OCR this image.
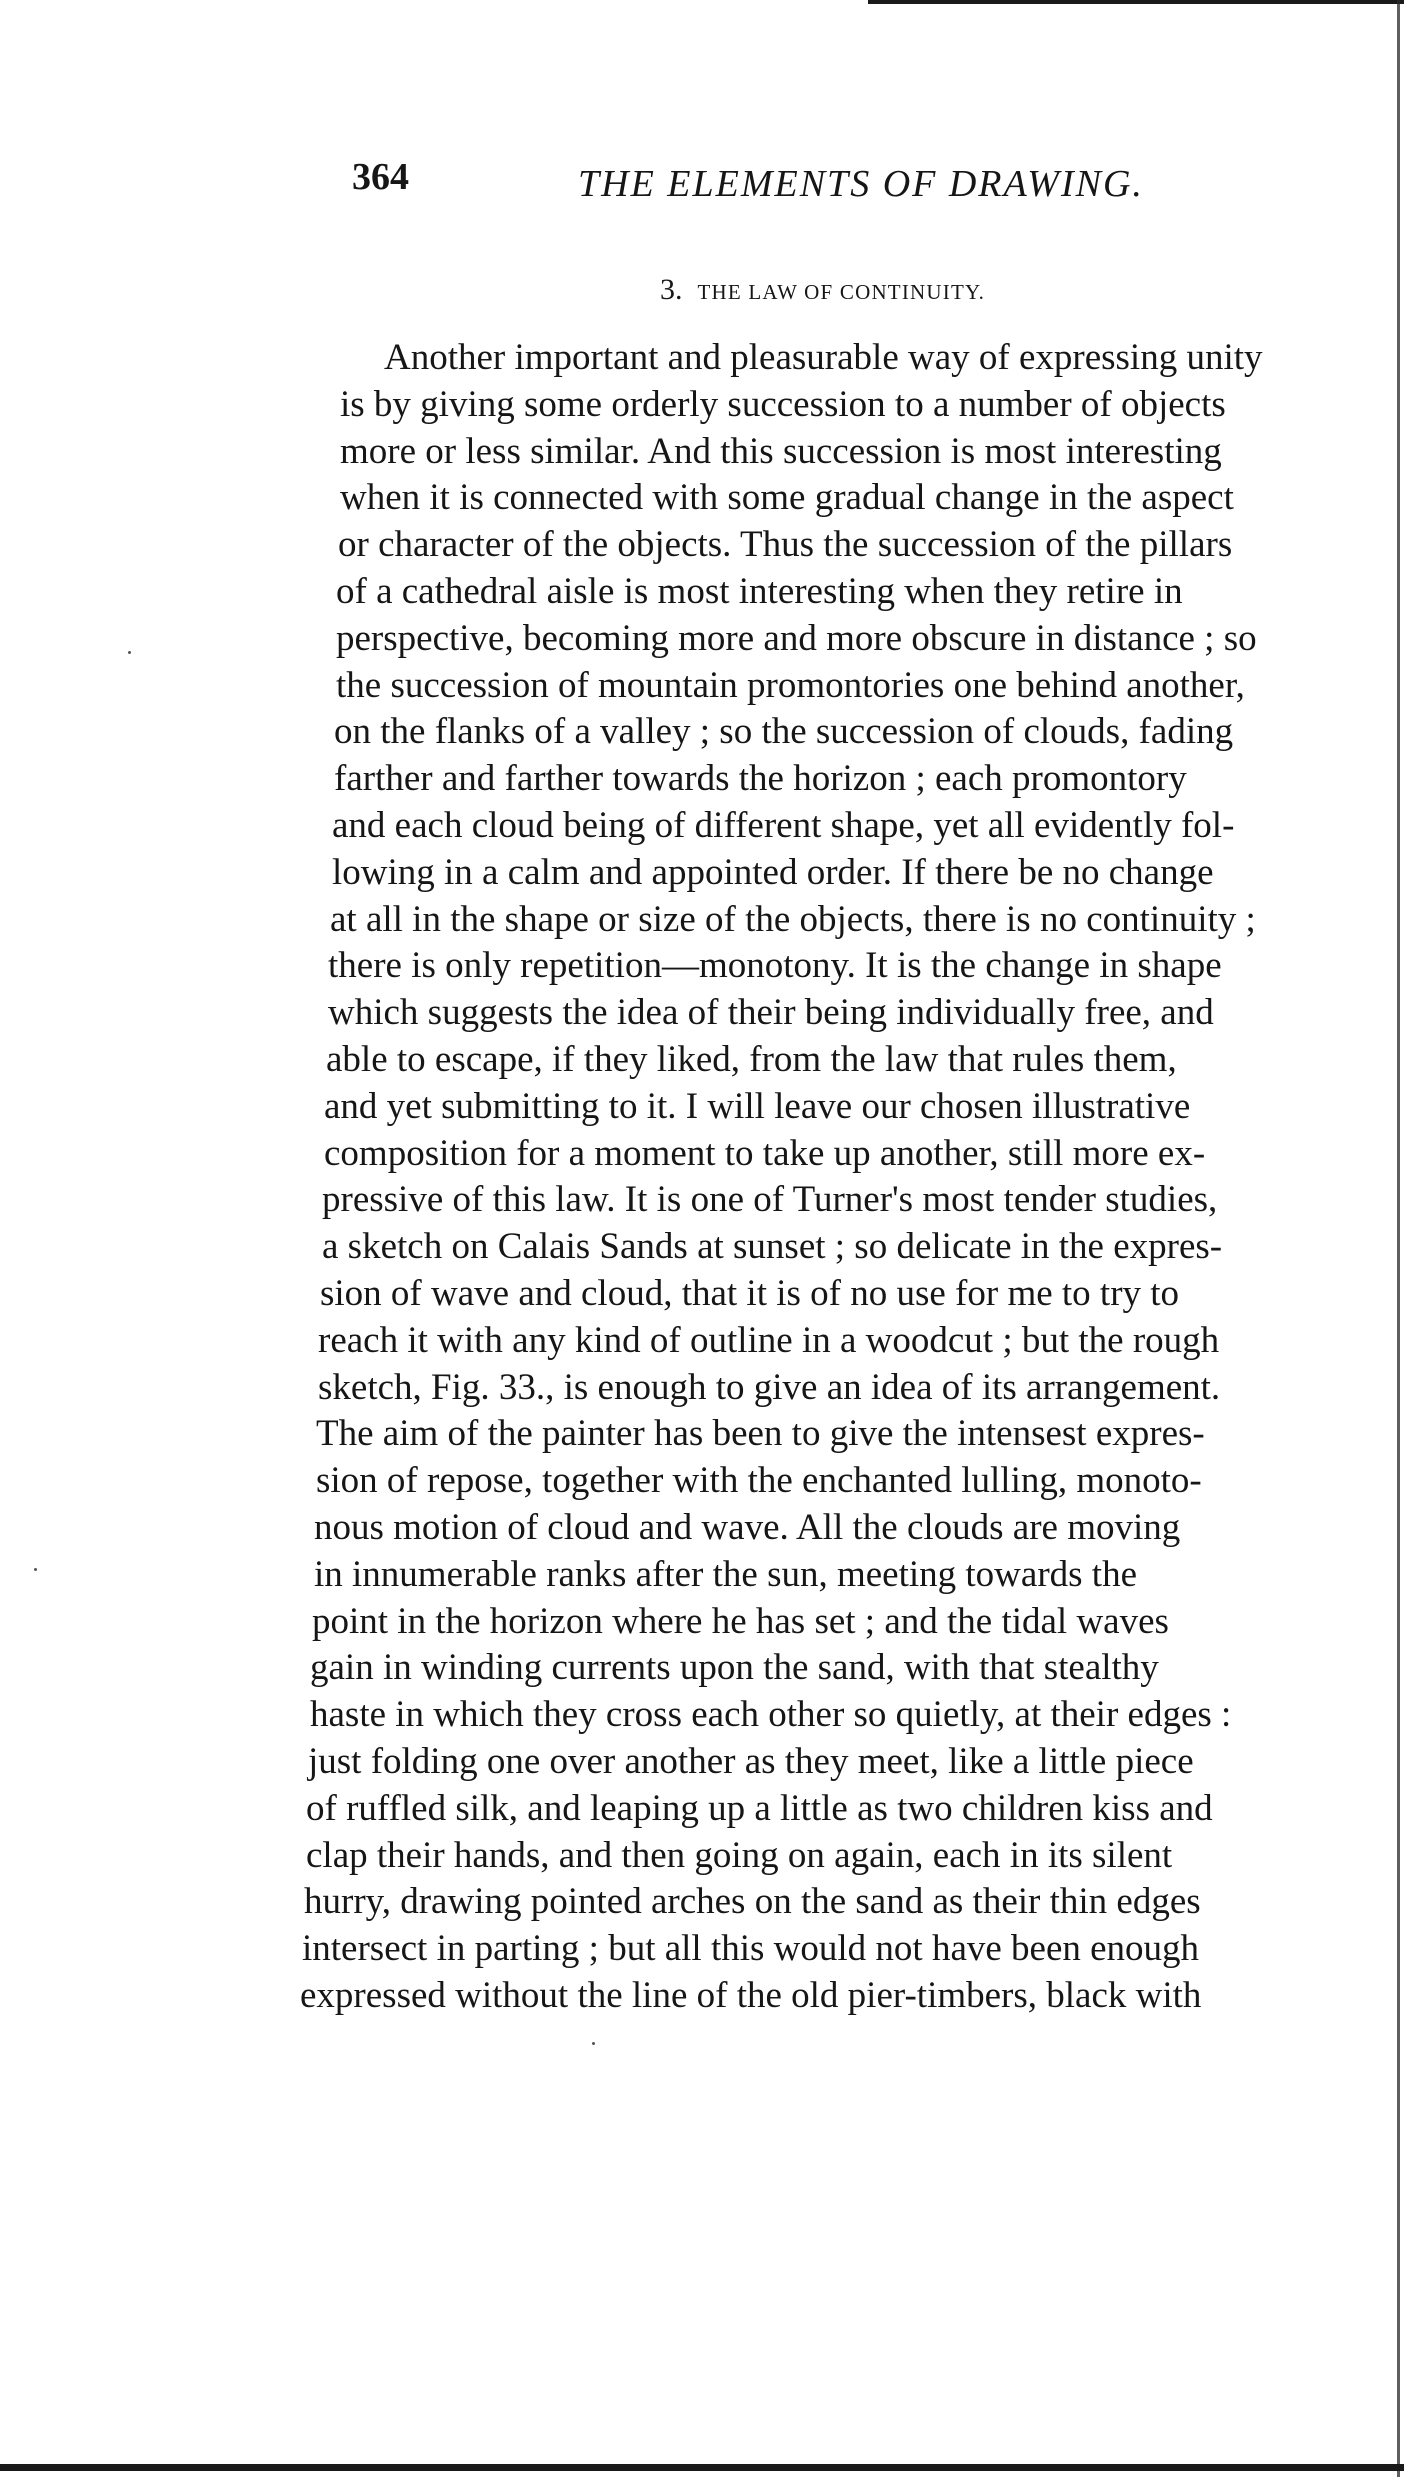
364	THE ELEMENTS OF DRAWING.
3. THE LAW OF CONTINUITY.
Another important and pleasurable way of expressing unity
is by giving some orderly succession to a number of objects
more or less similar. And this succession is most interesting
when it is connected with some gradual change in the aspect
or character of the objects. Thus the succession of the pillars
of a cathedral aisle is most interesting when they retire in
perspective, becoming more and more obscure in distance ; so
the succession of mountain promontories one behind another,
on the flanks of a valley ; so the succession of clouds, fading
farther and farther towards the horizon ; each promontory
and each cloud being of different shape, yet all evidently fol-
lowing in a calm and appointed order. If there be no change
at all in the shape or size of the objects, there is no continuity ;
there is only repetition—monotony. It is the change in shape
which suggests the idea of their being individually free, and
able to escape, if they liked, from the law that rules them,
and yet submitting to it. I will leave our chosen illustrative
composition for a moment to take up another, still more ex-
pressive of this law. It is one of Turner's most tender studies,
a sketch on Calais Sands at sunset ; so delicate in the expres-
sion of wave and cloud, that it is of no use for me to try to
reach it with any kind of outline in a woodcut ; but the rough
sketch, Fig. 33., is enough to give an idea of its arrangement.
The aim of the painter has been to give the intensest expres-
sion of repose, together with the enchanted lulling, monoto-
nous motion of cloud and wave. All the clouds are moving
in innumerable ranks after the sun, meeting towards the
point in the horizon where he has set ; and the tidal waves
gain in winding currents upon the sand, with that stealthy
haste in which they cross each other so quietly, at their edges :
just folding one over another as they meet, like a little piece
of ruffled silk, and leaping up a little as two children kiss and
clap their hands, and then going on again, each in its silent
hurry, drawing pointed arches on the sand as their thin edges
intersect in parting ; but all this would not have been enough
expressed without the line of the old pier-timbers, black with
